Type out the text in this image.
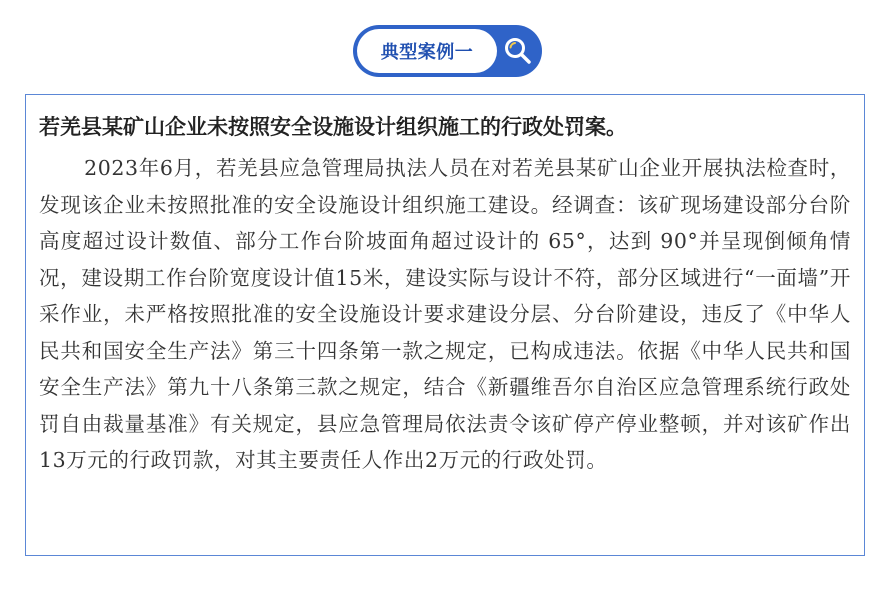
典型案例一
若羌县某矿山企业未按照安全设施设计组织施工的行政处罚案。

2023年6月，若羌县应急管理局执法人员在对若羌县某矿山企业开展执法检查时，发现该企业未按照批准的安全设施设计组织施工建设。经调查：该矿现场建设部分台阶高度超过设计数值、部分工作台阶坡面角超过设计的 65°，达到 90°并呈现倒倾角情况，建设期工作台阶宽度设计值15米，建设实际与设计不符，部分区域进行“一面墙”开采作业，未严格按照批准的安全设施设计要求建设分层、分台阶建设，违反了《中华人民共和国安全生产法》第三十四条第一款之规定，已构成违法。依据《中华人民共和国安全生产法》第九十八条第三款之规定，结合《新疆维吾尔自治区应急管理系统行政处罚自由裁量基准》有关规定，县应急管理局依法责令该矿停产停业整顿，并对该矿作出13万元的行政罚款，对其主要责任人作出2万元的行政处罚。
